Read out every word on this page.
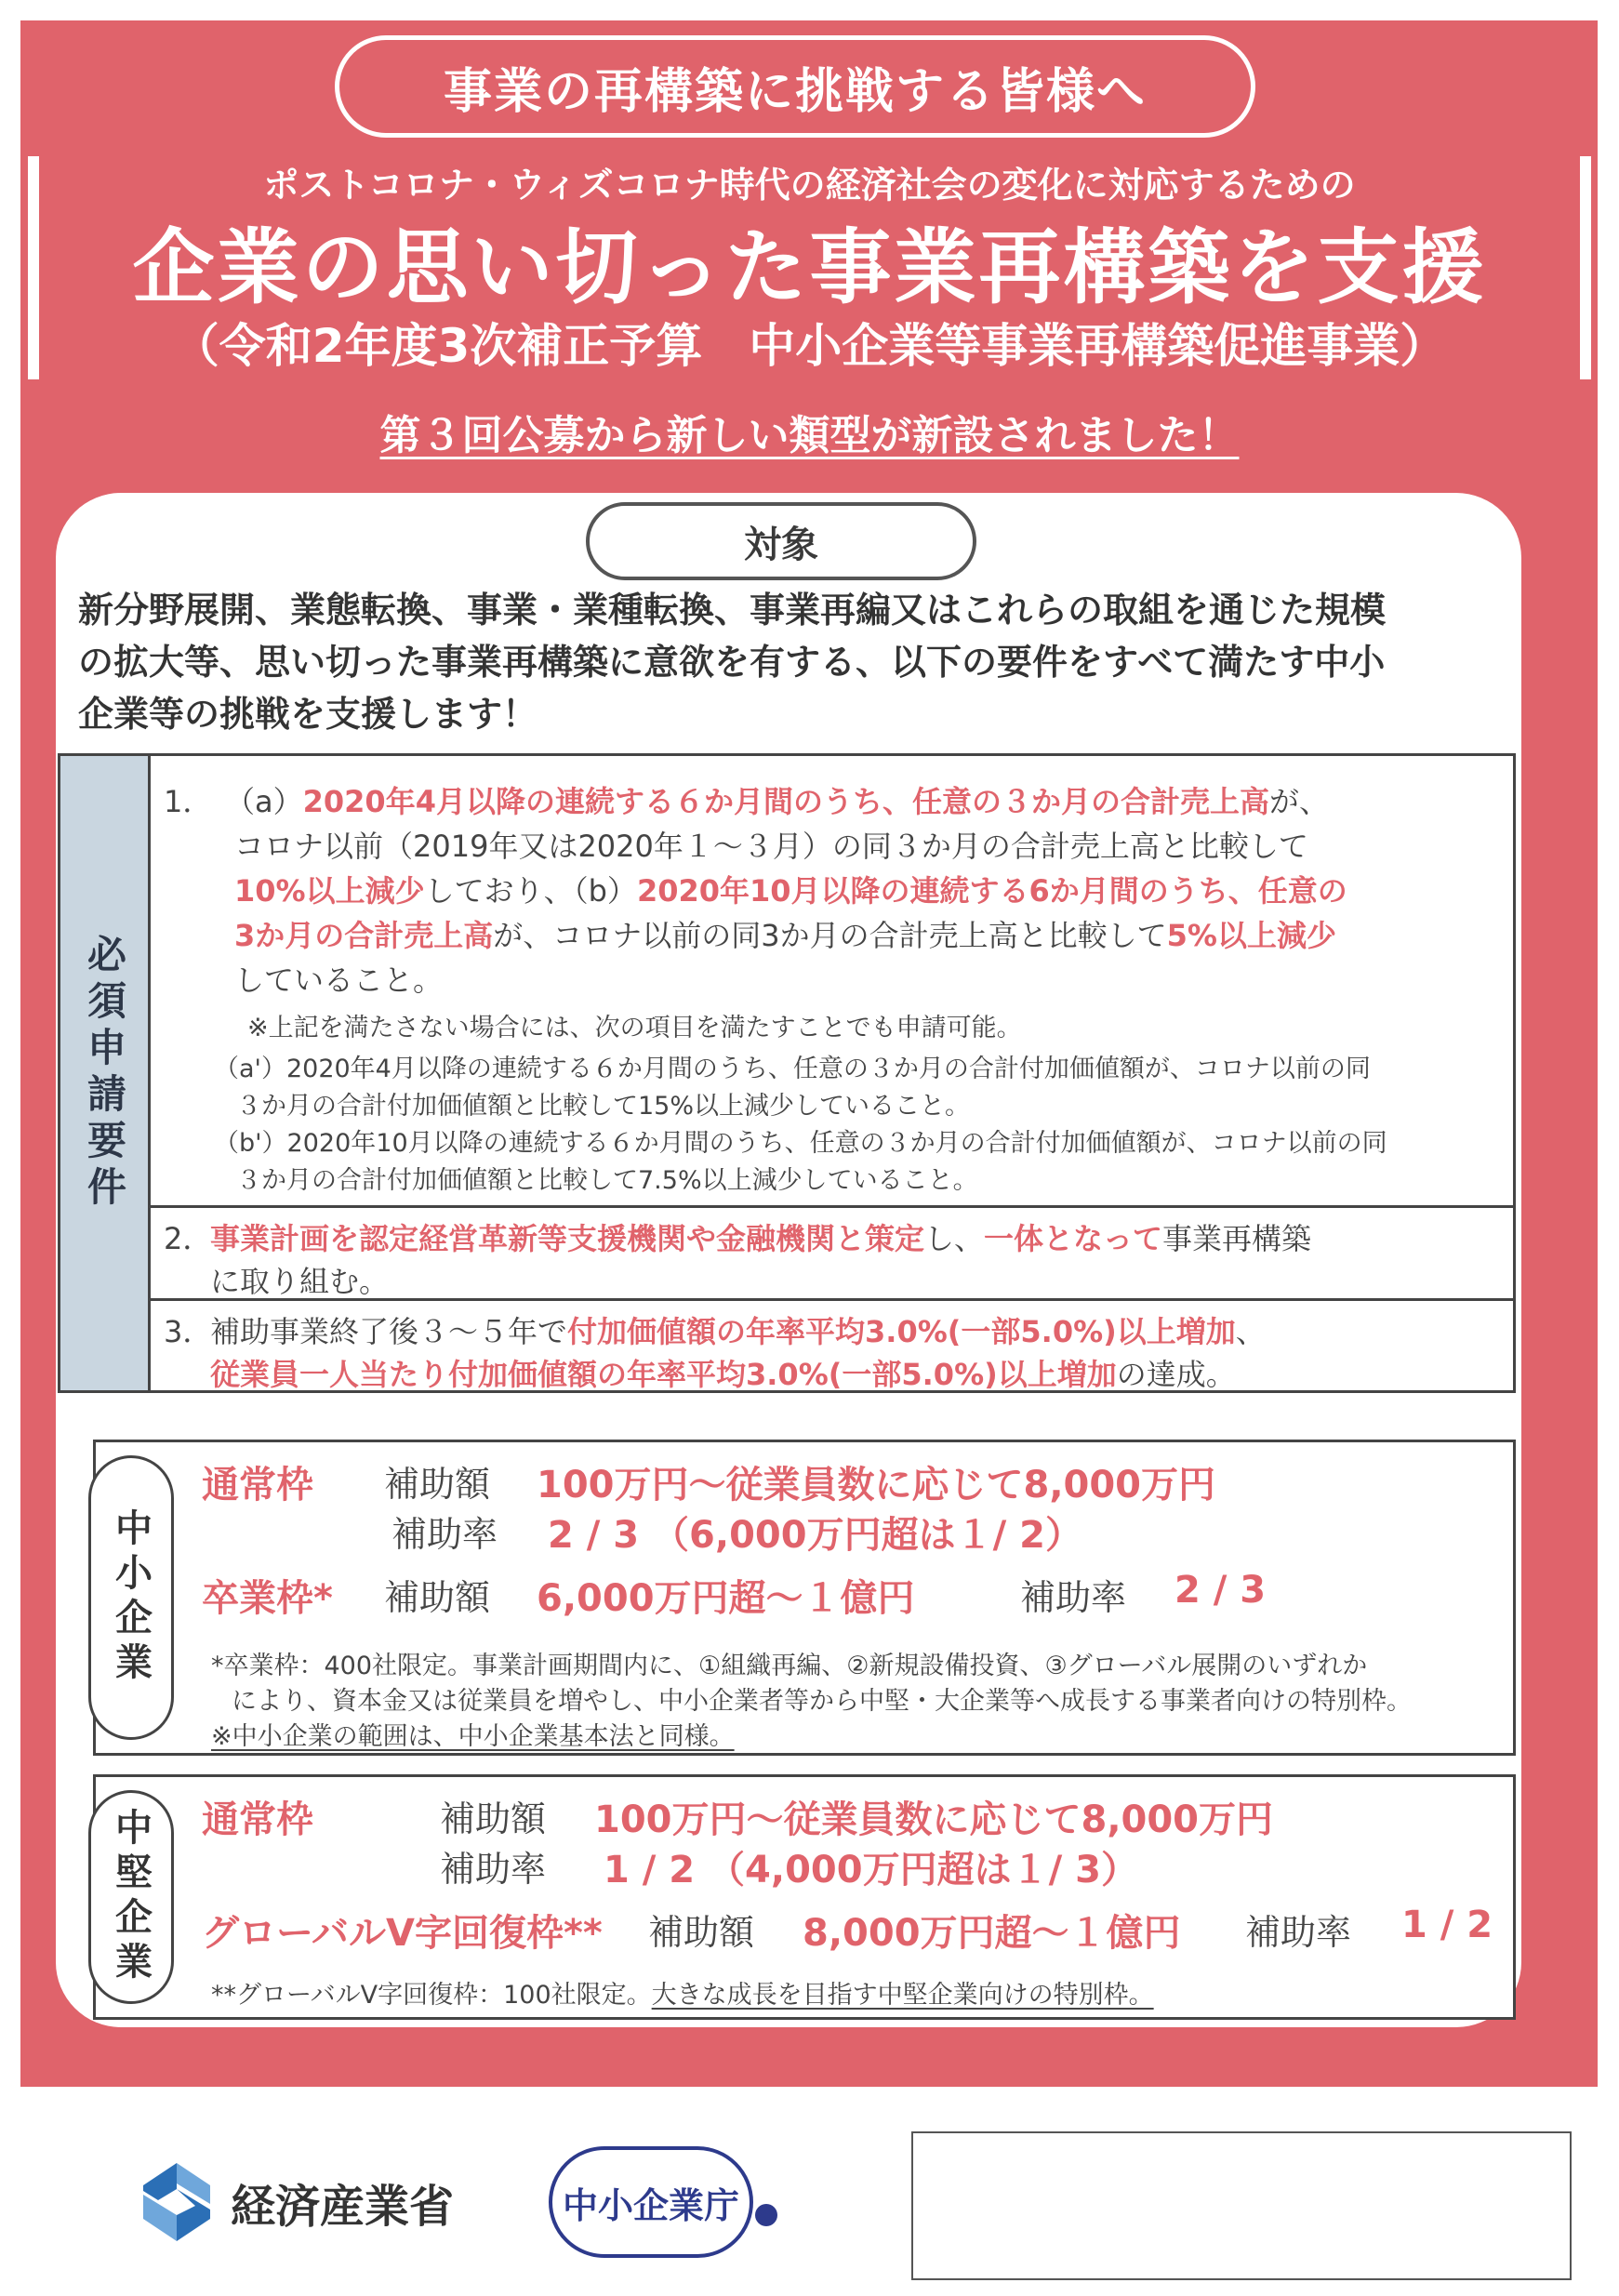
事業の再構築に挑戦する皆様へ
ポストコロナ・ウィズコロナ時代の経済社会の変化に対応するための
企業の思い切った事業再構築を支援
（令和2年度3次補正予算　中小企業等事業再構築促進事業）
第３回公募から新しい類型が新設されました！
対象
新分野展開、業態転換、事業・業種転換、事業再編又はこれらの取組を通じた規模
の拡大等、思い切った事業再構築に意欲を有する、以下の要件をすべて満たす中小
企業等の挑戦を支援します！
必須申請要件
1． （a）2020年4月以降の連続する６か月間のうち、任意の３か月の合計売上高が、
コロナ以前（2019年又は2020年１～３月）の同３か月の合計売上高と比較して
10%以上減少しており、（b）2020年10月以降の連続する6か月間のうち、任意の
3か月の合計売上高が、コロナ以前の同3か月の合計売上高と比較して5%以上減少
していること。
※上記を満たさない場合には、次の項目を満たすことでも申請可能。
（a'）2020年4月以降の連続する６か月間のうち、任意の３か月の合計付加価値額が、コロナ以前の同
３か月の合計付加価値額と比較して15%以上減少していること。
（b'）2020年10月以降の連続する６か月間のうち、任意の３か月の合計付加価値額が、コロナ以前の同
３か月の合計付加価値額と比較して7.5%以上減少していること。
2．
事業計画を認定経営革新等支援機関や金融機関と策定し、一体となって事業再構築
に取り組む。
3．
補助事業終了後３～５年で付加価値額の年率平均3.0%(一部5.0%)以上増加、
従業員一人当たり付加価値額の年率平均3.0%(一部5.0%)以上増加の達成。
中小企業
通常枠 補助額 100万円～従業員数に応じて8,000万円
補助率 2 / 3 （6,000万円超は１/ 2）
卒業枠* 補助額 6,000万円超～１億円	補助率 2 / 3
*卒業枠：400社限定。事業計画期間内に、①組織再編、②新規設備投資、③グローバル展開のいずれか
により、資本金又は従業員を増やし、中小企業者等から中堅・大企業等へ成長する事業者向けの特別枠。
※中小企業の範囲は、中小企業基本法と同様。
中堅企業 通常枠	補助額 100万円～従業員数に応じて8,000万円
補助率 1 / 2 （4,000万円超は１/ 3）
グローバルV字回復枠** 補助額 8,000万円超～１億円 補助率 1 / 2
**グローバルV字回復枠：100社限定。大きな成長を目指す中堅企業向けの特別枠。
経済産業省	中小企業庁
